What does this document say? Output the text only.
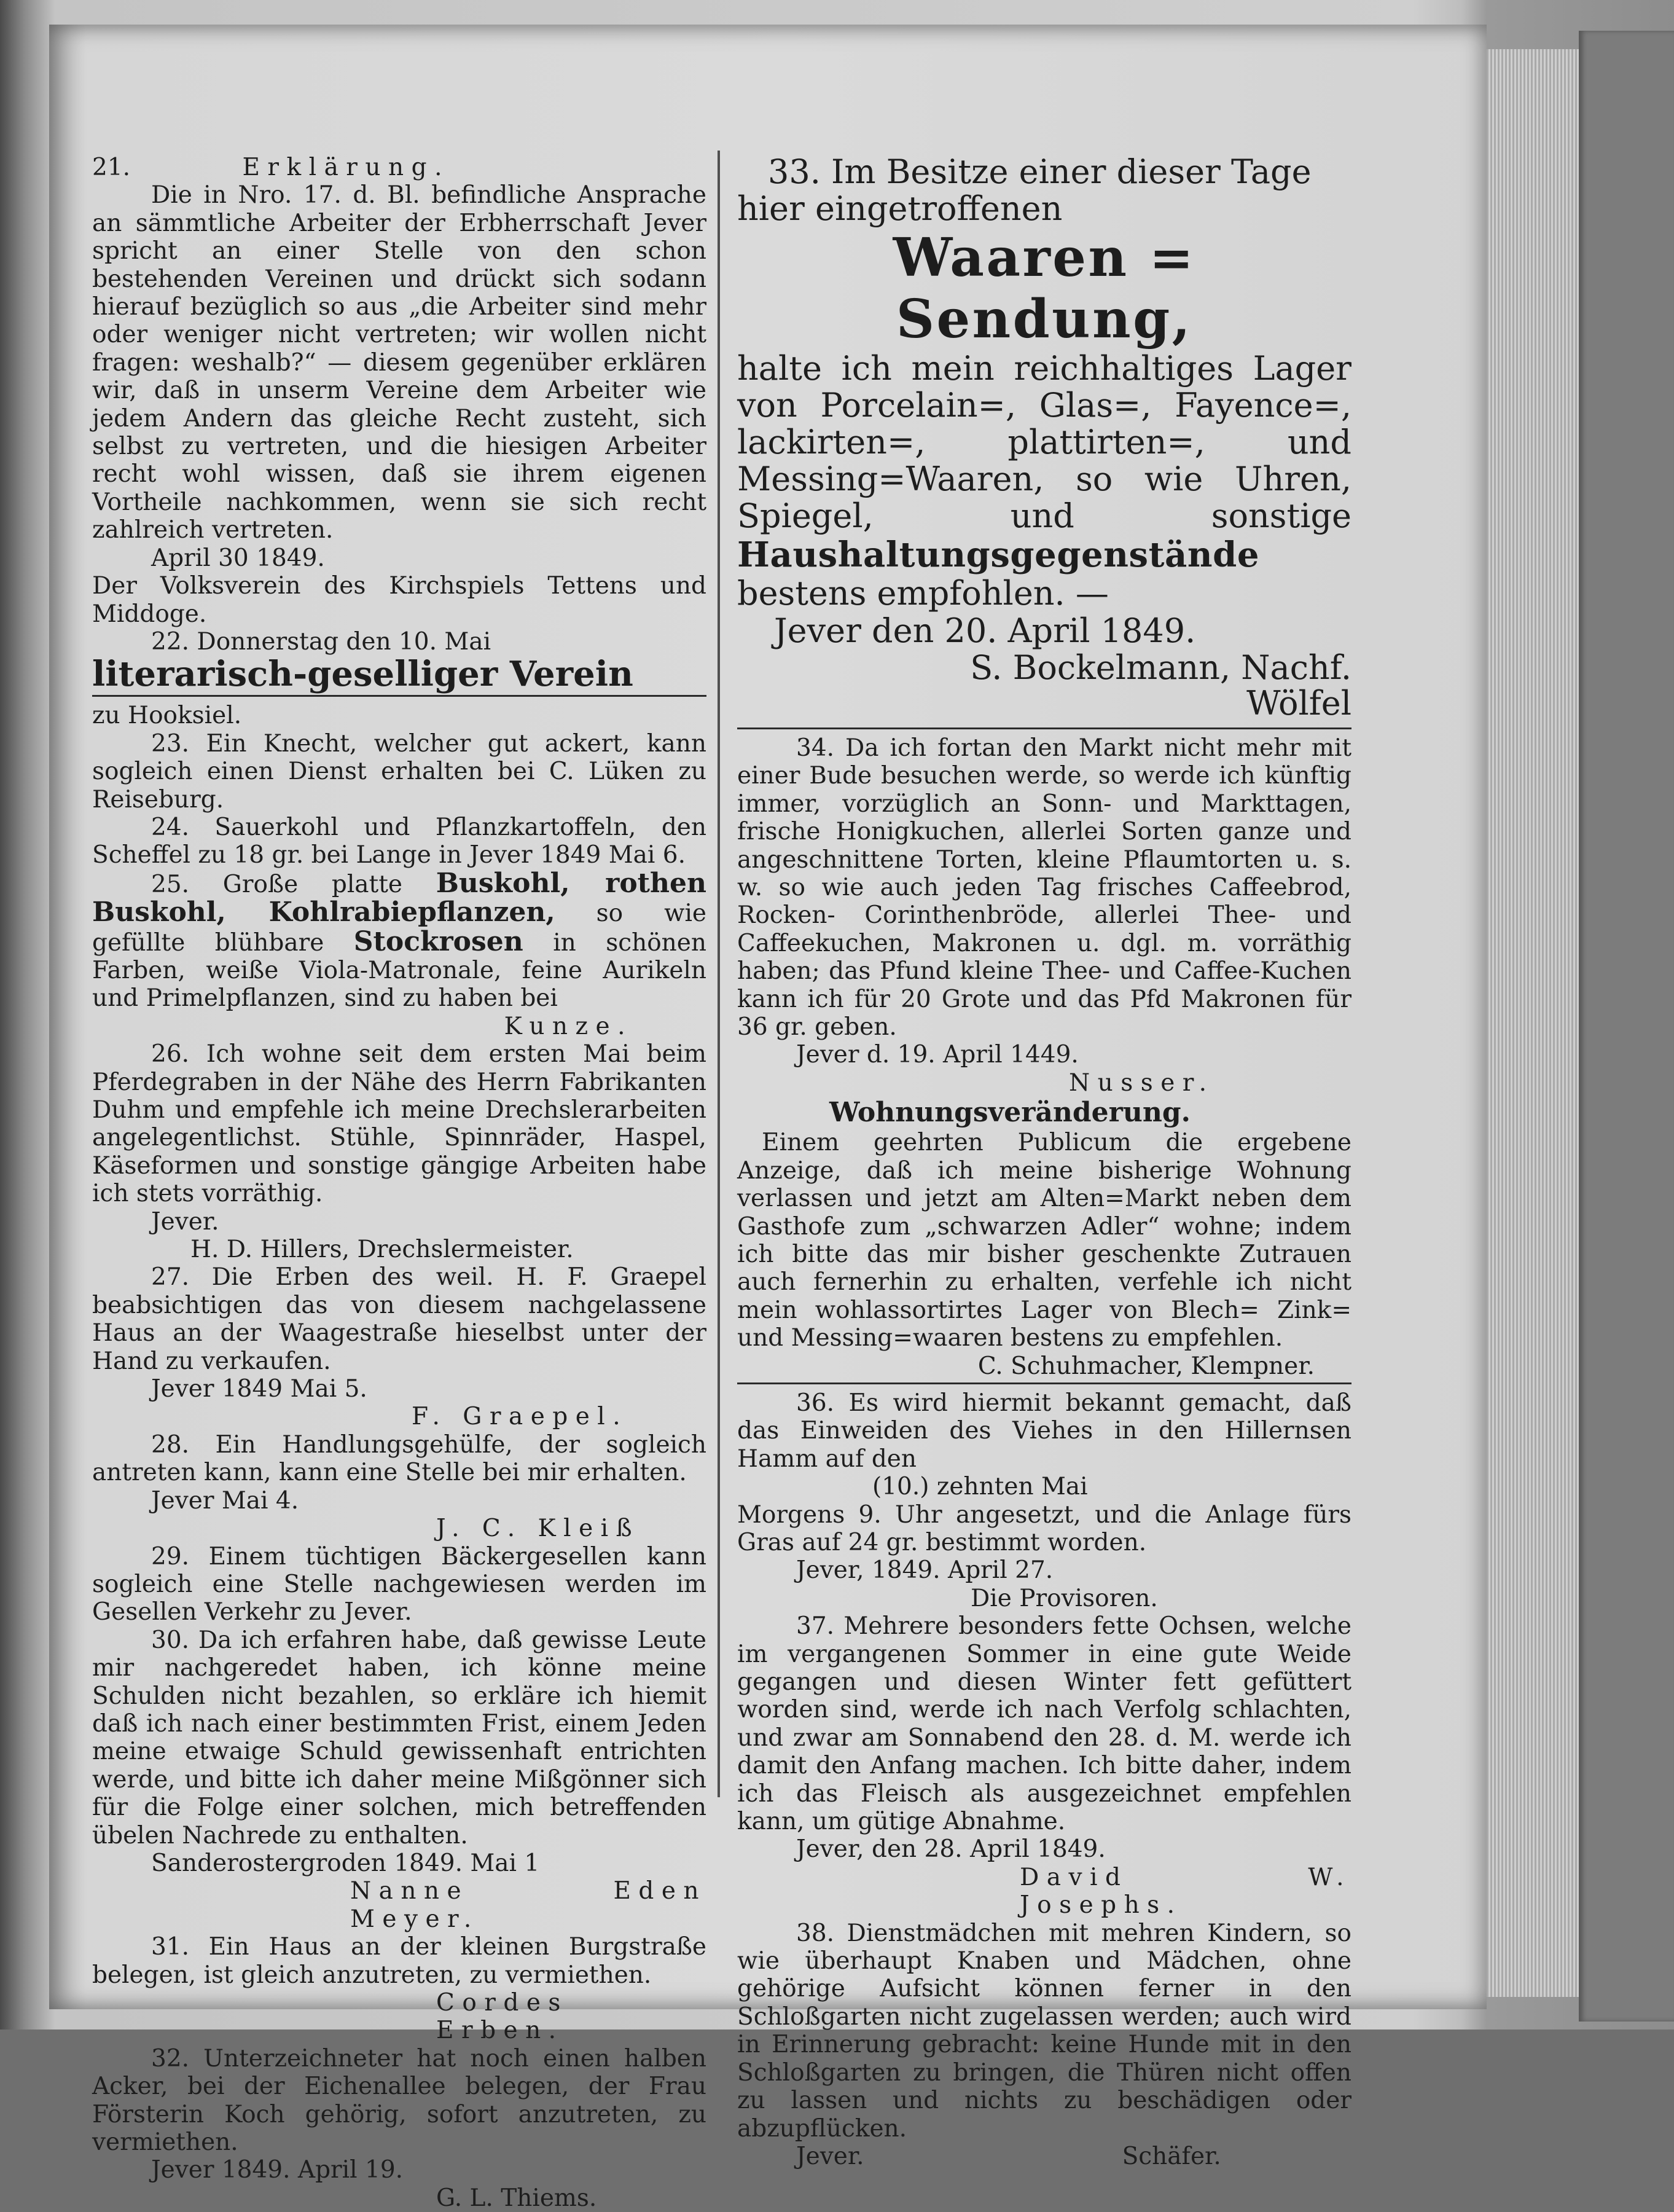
21.	Erklärung.

Die in Nro. 17. d. Bl. befindliche Ansprache an sämmtliche Arbeiter der Erbherrschaft Jever spricht an einer Stelle von den schon bestehenden Vereinen und drückt sich sodann hierauf bezüglich so aus „die Arbeiter sind mehr oder weniger nicht vertreten; wir wollen nicht fragen: weshalb?“ — diesem gegenüber erklären wir, daß in unserm Vereine dem Arbeiter wie jedem Andern das gleiche Recht zusteht, sich selbst zu vertreten, und die hiesigen Arbeiter recht wohl wissen, daß sie ihrem eigenen Vortheile nachkommen, wenn sie sich recht zahlreich vertreten.

April 30 1849.

Der Volksverein des Kirchspiels Tettens und Middoge.

22. Donnerstag den 10. Mai

literarisch-geselliger Verein

zu Hooksiel.

23. Ein Knecht, welcher gut ackert, kann sogleich einen Dienst erhalten bei C. Lüken zu Reiseburg.

24. Sauerkohl und Pflanzkartoffeln, den Scheffel zu 18 gr. bei Lange in Jever 1849 Mai 6.

25. Große platte Buskohl, rothen Buskohl, Kohlrabiepflanzen, so wie gefüllte blühbare Stockrosen in schönen Farben, weiße Viola-Matronale, feine Aurikeln und Primelpflanzen, sind zu haben bei

Kunze.

26. Ich wohne seit dem ersten Mai beim Pferdegraben in der Nähe des Herrn Fabrikanten Duhm und empfehle ich meine Drechslerarbeiten angelegentlichst. Stühle, Spinnräder, Haspel, Käseformen und sonstige gängige Arbeiten habe ich stets vorräthig.

Jever.

H. D. Hillers, Drechslermeister.

27. Die Erben des weil. H. F. Graepel beabsichtigen das von diesem nachgelassene Haus an der Waagestraße hieselbst unter der Hand zu verkaufen.

Jever 1849 Mai 5.

F. Graepel.

28. Ein Handlungsgehülfe, der sogleich antreten kann, kann eine Stelle bei mir erhalten.

Jever Mai 4.

J. C. Kleiß

29. Einem tüchtigen Bäckergesellen kann sogleich eine Stelle nachgewiesen werden im Gesellen Verkehr zu Jever.

30. Da ich erfahren habe, daß gewisse Leute mir nachgeredet haben, ich könne meine Schulden nicht bezahlen, so erkläre ich hiemit daß ich nach einer bestimmten Frist, einem Jeden meine etwaige Schuld gewissenhaft entrichten werde, und bitte ich daher meine Mißgönner sich für die Folge einer solchen, mich betreffenden übelen Nachrede zu enthalten.

Sanderostergroden 1849. Mai 1

Nanne Eden Meyer.

31. Ein Haus an der kleinen Burgstraße belegen, ist gleich anzutreten, zu vermiethen.

Cordes Erben.

32. Unterzeichneter hat noch einen halben Acker, bei der Eichenallee belegen, der Frau Försterin Koch gehörig, sofort anzutreten, zu vermiethen.

Jever 1849. April 19.

G. L. Thiems.

33. Im Besitze einer dieser Tage

hier eingetroffenen

Waaren = Sendung,

halte ich mein reichhaltiges Lager von Porcelain=, Glas=, Fayence=, lackirten=, plattirten=, und Messing=Waaren, so wie Uhren, Spiegel, und sonstige

Haushaltungsgegenstände

bestens empfohlen. —

Jever den 20. April 1849.

S. Bockelmann, Nachf.

Wölfel

34. Da ich fortan den Markt nicht mehr mit einer Bude besuchen werde, so werde ich künftig immer, vorzüglich an Sonn- und Markttagen, frische Honigkuchen, allerlei Sorten ganze und angeschnittene Torten, kleine Pflaumtorten u. s. w. so wie auch jeden Tag frisches Caffeebrod, Rocken- Corinthenbröde, allerlei Thee- und Caffeekuchen, Makronen u. dgl. m. vorräthig haben; das Pfund kleine Thee- und Caffee-Kuchen kann ich für 20 Grote und das Pfd Makronen für 36 gr. geben.

Jever d. 19. April 1449.

Nusser.

Wohnungsveränderung.

Einem geehrten Publicum die ergebene Anzeige, daß ich meine bisherige Wohnung verlassen und jetzt am Alten=Markt neben dem Gasthofe zum „schwarzen Adler“ wohne; indem ich bitte das mir bisher geschenkte Zutrauen auch fernerhin zu erhalten, verfehle ich nicht mein wohlassortirtes Lager von Blech= Zink= und Messing=waaren bestens zu empfehlen.

C. Schuhmacher, Klempner.

36. Es wird hiermit bekannt gemacht, daß das Einweiden des Viehes in den Hillernsen Hamm auf den

(10.) zehnten Mai

Morgens 9. Uhr angesetzt, und die Anlage fürs Gras auf 24 gr. bestimmt worden.

Jever, 1849. April 27.

Die Provisoren.

37. Mehrere besonders fette Ochsen, welche im vergangenen Sommer in eine gute Weide gegangen und diesen Winter fett gefüttert worden sind, werde ich nach Verfolg schlachten, und zwar am Sonnabend den 28. d. M. werde ich damit den Anfang machen. Ich bitte daher, indem ich das Fleisch als ausgezeichnet empfehlen kann, um gütige Abnahme.

Jever, den 28. April 1849.

David W. Josephs.

38. Dienstmädchen mit mehren Kindern, so wie überhaupt Knaben und Mädchen, ohne gehörige Aufsicht können ferner in den Schloßgarten nicht zugelassen werden; auch wird in Erinnerung gebracht: keine Hunde mit in den Schloßgarten zu bringen, die Thüren nicht offen zu lassen und nichts zu beschädigen oder abzupflücken.

Jever.	Schäfer.
